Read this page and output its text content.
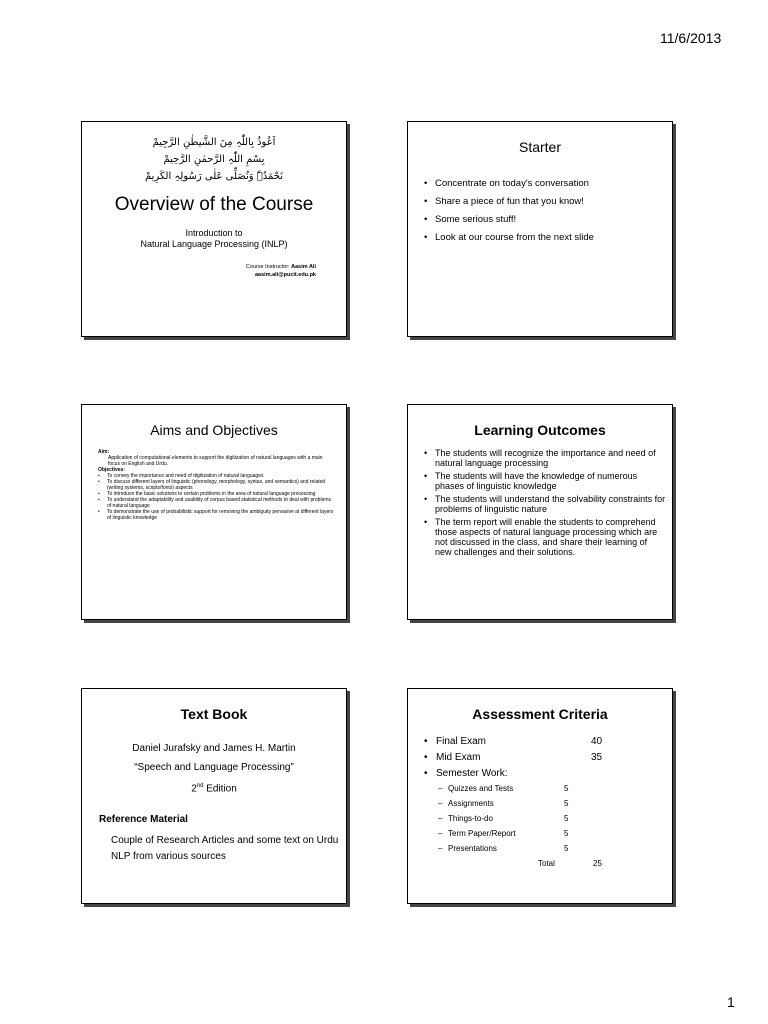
11/6/2013
اَعُوذُ بِاللّٰہِ مِنَ الشَّیطٰنِ الرَّجِیمْ
بِسْمِ اللّٰہِ الرَّحمٰنِ الرَّحِیمْ
نَحْمَدُہٗ وَنُصَلِّی عَلٰی رَسُولِہِ الکَرِیمْ
Overview of the Course
Introduction to
Natural Language Processing (INLP)
Course Instructor: Aasim Ali
aasim.ali@pucit.edu.pk
Starter
• Concentrate on today's conversation
• Share a piece of fun that you know!
• Some serious stuff!
• Look at our course from the next slide
Aims and Objectives
Aim:
Application of computational elements to support the digitization of natural languages with a main focus on English and Urdu.
Objectives:
• To convey the importance and need of digitization of natural languages
• To discuss different layers of linguistic (phonology, morphology, syntax, and semantics) and related (writing systems, scripts/fonts) aspects
• To introduce the basic solutions to certain problems in the area of natural language processing
• To understand the adaptability and usability of corpus based statistical methods to deal with problems of natural language
• To demonstrate the use of probabilistic support for removing the ambiguity pervasive at different layers of linguistic knowledge
Learning Outcomes
• The students will recognize the importance and need of natural language processing
• The students will have the knowledge of numerous phases of linguistic knowledge
• The students will understand the solvability constraints for problems of linguistic nature
• The term report will enable the students to comprehend those aspects of natural language processing which are not discussed in the class, and share their learning of new challenges and their solutions.
Text Book
Daniel Jurafsky and James H. Martin
“Speech and Language Processing”
2nd Edition
Reference Material
Couple of Research Articles and some text on Urdu NLP from various sources
Assessment Criteria
• Final Exam	40
• Mid Exam	35
• Semester Work:
– Quizzes and Tests	5
– Assignments	5
– Things-to-do	5
– Term Paper/Report	5
– Presentations	5
Total	25
1
